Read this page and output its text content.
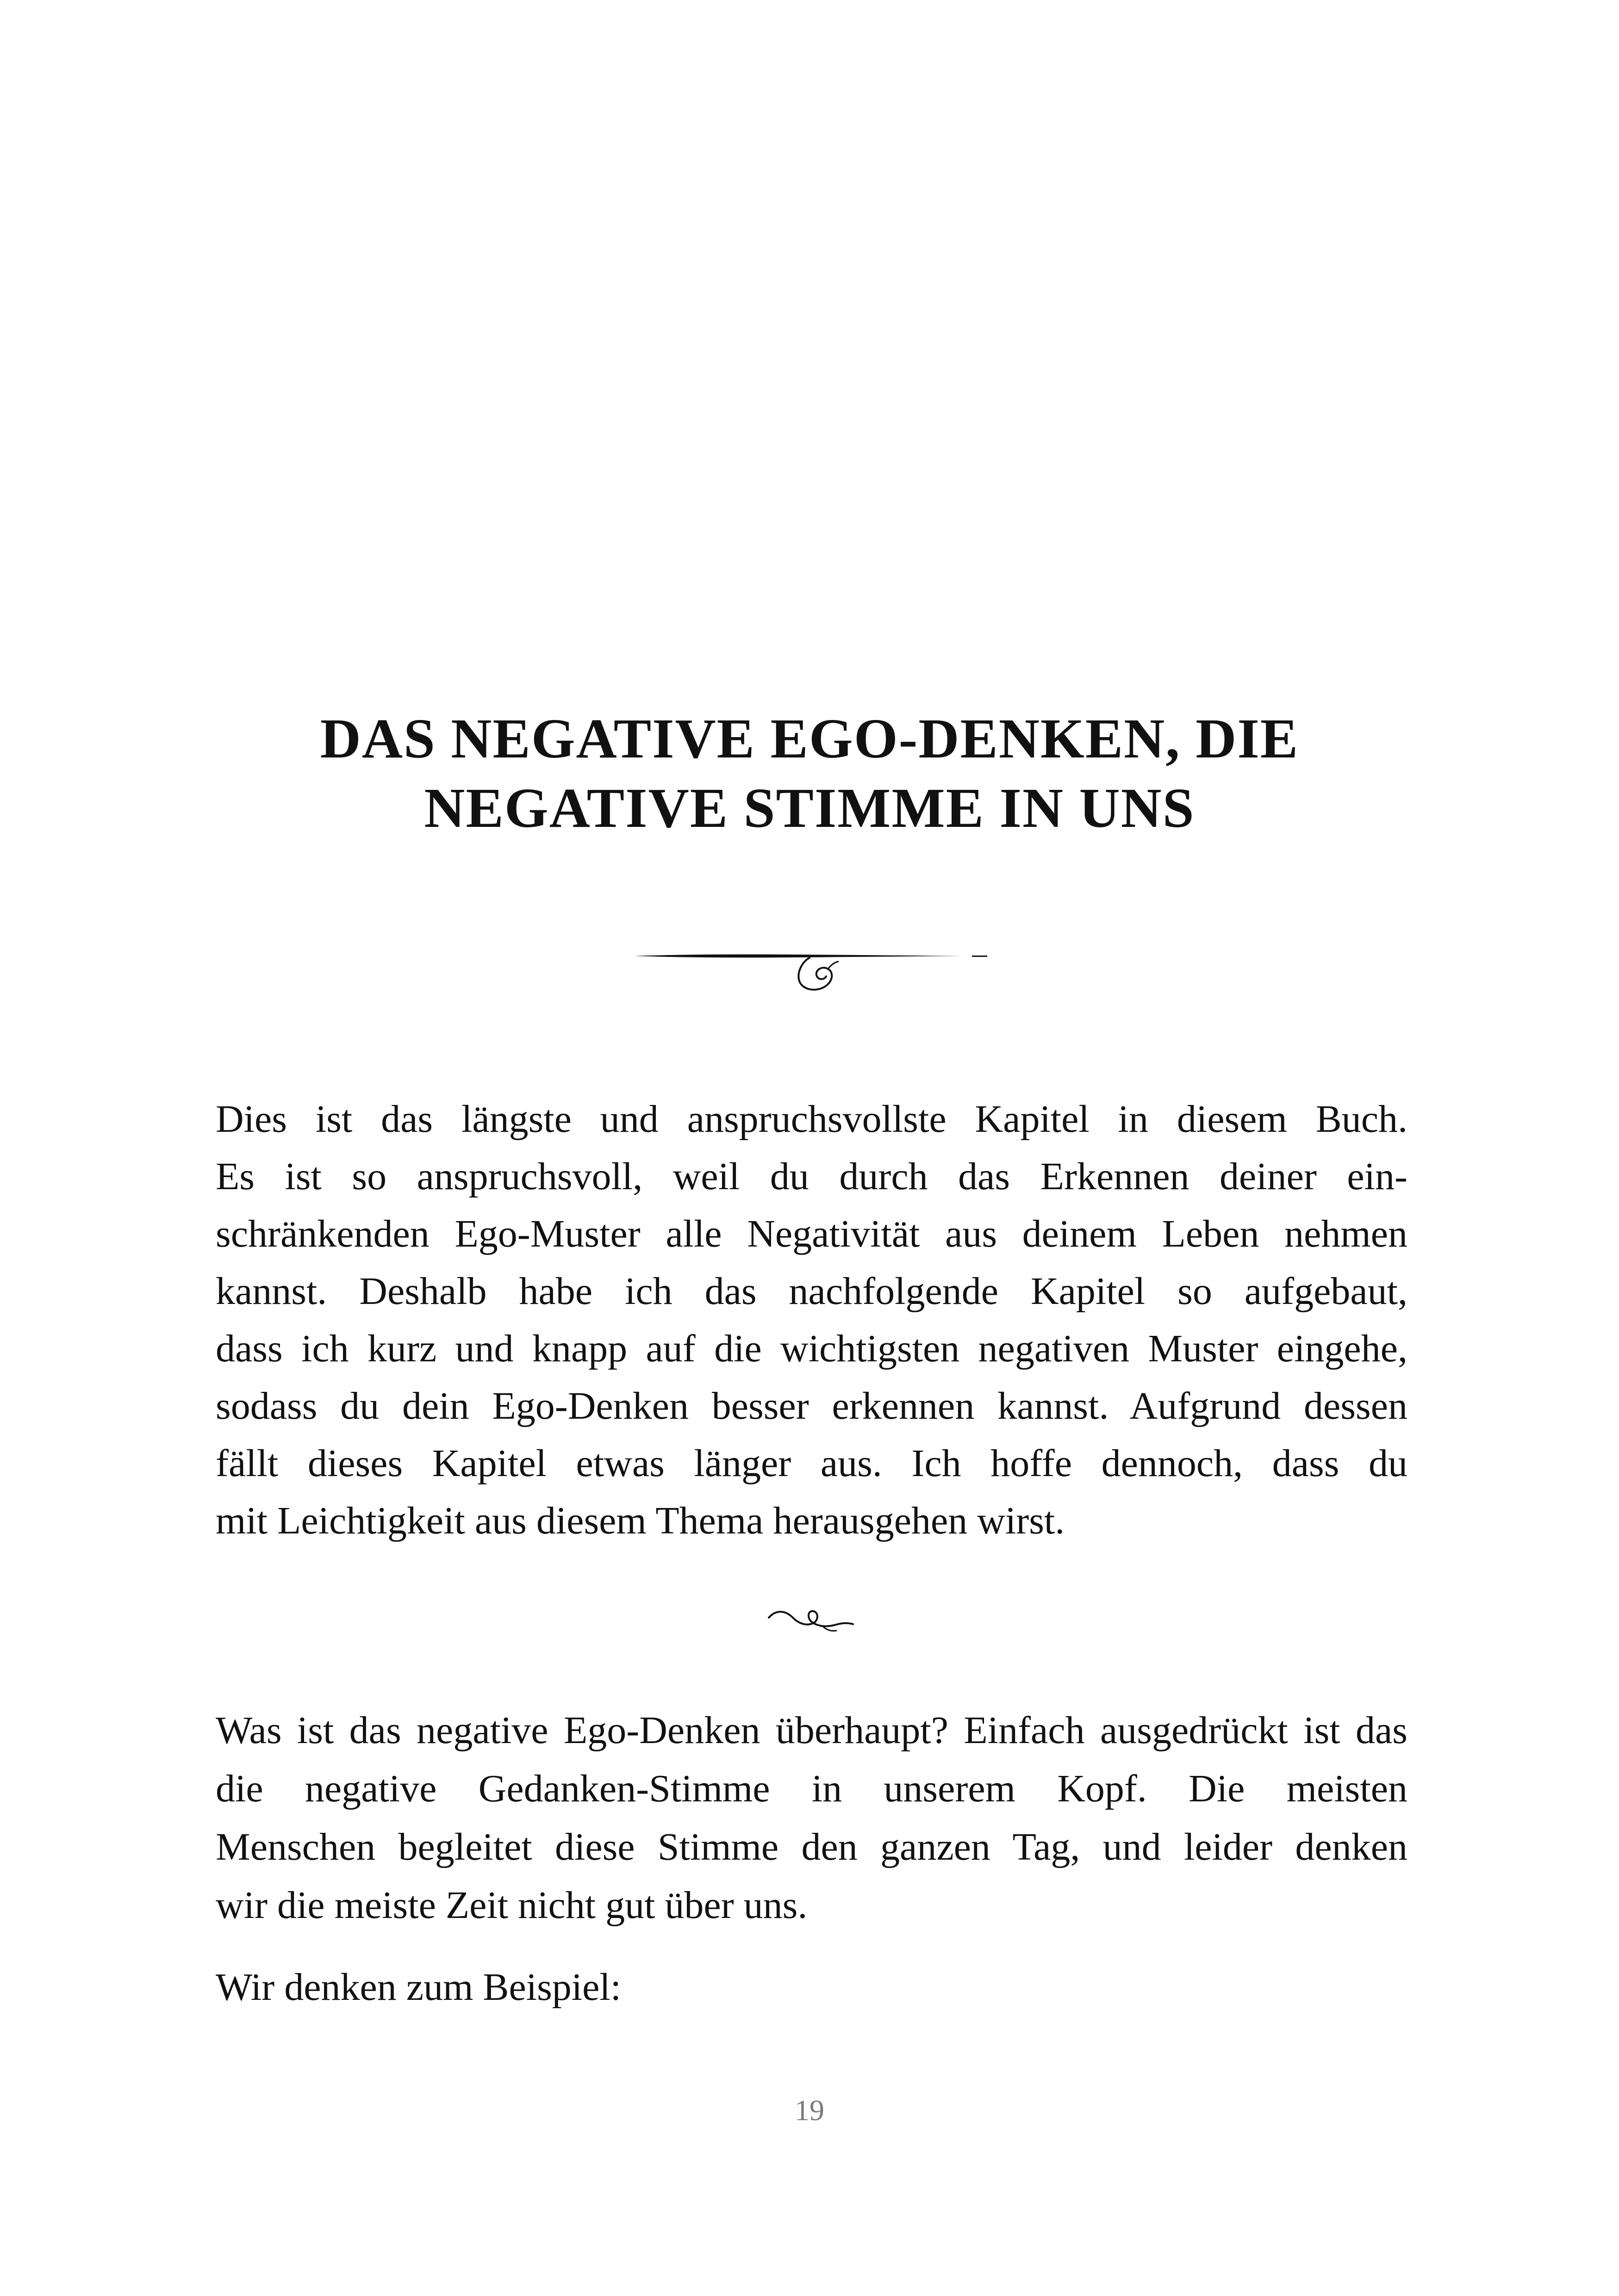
DAS NEGATIVE EGO-DENKEN, DIE
NEGATIVE STIMME IN UNS
Dies ist das längste und anspruchsvollste Kapitel in diesem Buch.
Es ist so anspruchsvoll, weil du durch das Erkennen deiner ein-
schränkenden Ego-Muster alle Negativität aus deinem Leben nehmen
kannst. Deshalb habe ich das nachfolgende Kapitel so aufgebaut,
dass ich kurz und knapp auf die wichtigsten negativen Muster eingehe,
sodass du dein Ego-Denken besser erkennen kannst. Aufgrund dessen
fällt dieses Kapitel etwas länger aus. Ich hoffe dennoch, dass du
mit Leichtigkeit aus diesem Thema herausgehen wirst.
Was ist das negative Ego-Denken überhaupt? Einfach ausgedrückt ist das
die negative Gedanken-Stimme in unserem Kopf. Die meisten
Menschen begleitet diese Stimme den ganzen Tag, und leider denken
wir die meiste Zeit nicht gut über uns.
Wir denken zum Beispiel:
19
